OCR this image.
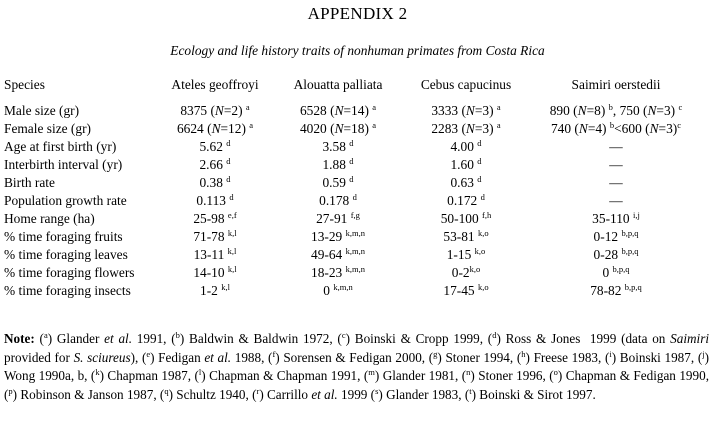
APPENDIX 2
Ecology and life history traits of nonhuman primates from Costa Rica
Species	Ateles geoffroyi	Alouatta palliata	Cebus capucinus	Saimiri oerstedii

Male size (gr)	8375 (N=2) $^a$	6528 (N=14) $^a$	3333 (N=3) $^a$	890 (N=8) $^b$, 750 (N=3) $^c$
Female size (gr)	6624 (N=12) $^a$	4020 (N=18) $^a$	2283 (N=3) $^a$	740 (N=4) $^b$<600 (N=3)$^c$
Age at first birth (yr)	5.62 $^d$	3.58 $^d$	4.00 $^d$	—
Interbirth interval (yr)	2.66 $^d$	1.88 $^d$	1.60 $^d$	—
Birth rate	0.38 $^d$	0.59 $^d$	0.63 $^d$	—
Population growth rate	0.113 $^d$	0.178 $^d$	0.172 $^d$	—
Home range (ha)	25-98 $^{e,f}$	27-91 $^{f,g}$	50-100 $^{f,h}$	35-110 $^{i,j}$
% time foraging fruits	71-78 $^{k,l}$	13-29 $^{k,m,n}$	53-81 $^{k,o}$	0-12 $^{b,p,q}$
% time foraging leaves	13-11 $^{k,l}$	49-64 $^{k,m,n}$	1-15 $^{k,o}$	0-28 $^{b,p,q}$
% time foraging flowers	14-10 $^{k,l}$	18-23 $^{k,m,n}$	0-2$^{k,o}$	0 $^{b,p,q}$
% time foraging insects	1-2 $^{k,l}$	0 $^{k,m,n}$	17-45 $^{k,o}$	78-82 $^{b,p,q}$
Note: ($^a$) Glander et al. 1991, ($^b$) Baldwin & Baldwin 1972, ($^c$) Boinski & Cropp 1999, ($^d$) Ross & Jones  1999 (data on Saimiri provided for S. sciureus), ($^e$) Fedigan et al. 1988, ($^f$) Sorensen & Fedigan 2000, ($^g$) Stoner 1994, ($^h$) Freese 1983, ($^i$) Boinski 1987, ($^j$) Wong 1990a, b, ($^k$) Chapman 1987, ($^l$) Chapman & Chapman 1991, ($^m$) Glander 1981, ($^n$) Stoner 1996, ($^o$) Chapman & Fedigan 1990, ($^p$) Robinson & Janson 1987, ($^q$) Schultz 1940, ($^r$) Carrillo et al. 1999 ($^s$) Glander 1983, ($^t$) Boinski & Sirot 1997.
